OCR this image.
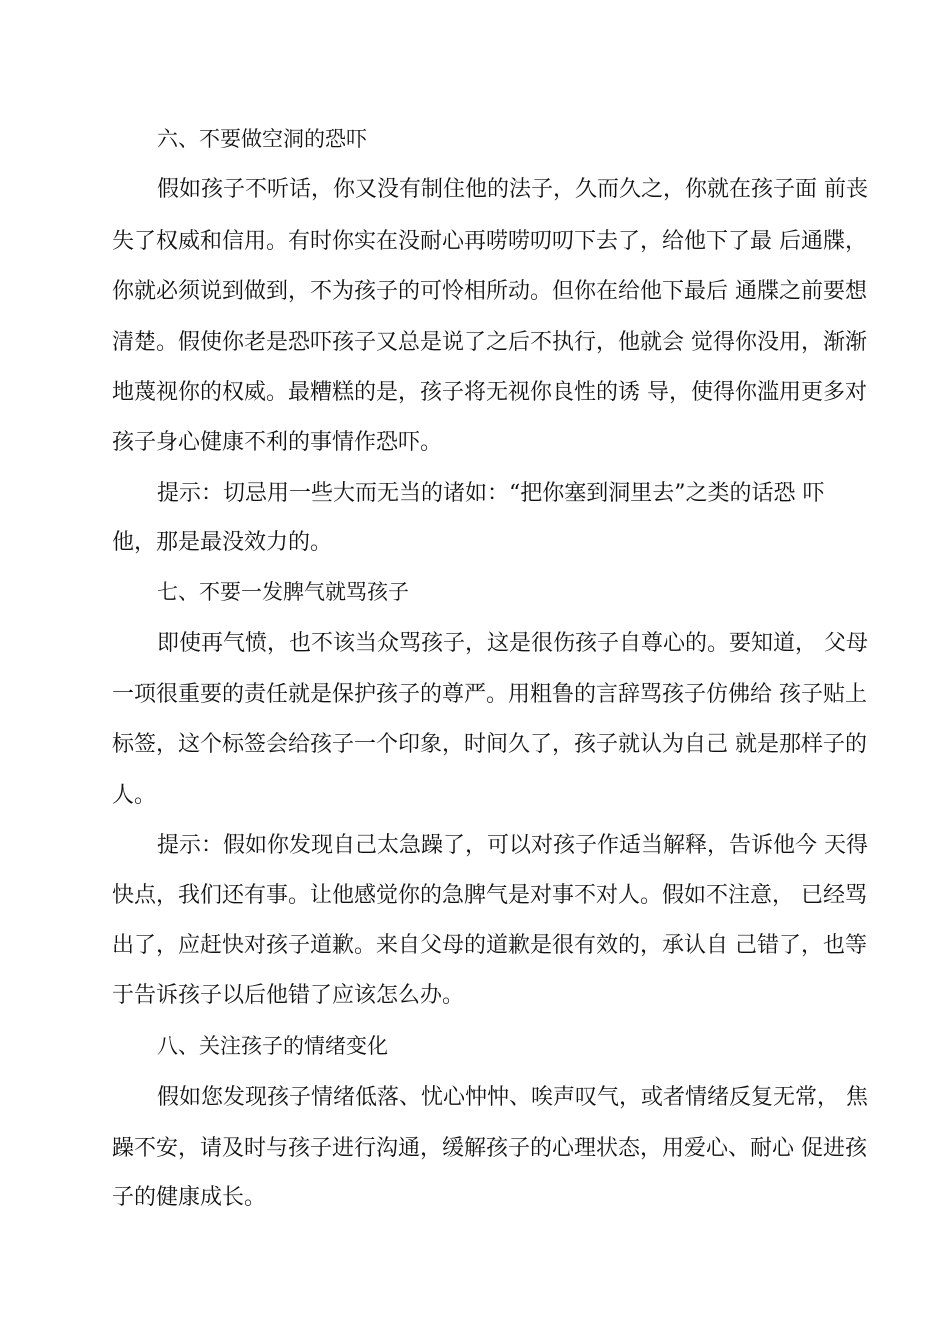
六、不要做空洞的恐吓
假如孩子不听话，你又没有制住他的法子，久而久之，你就在孩子面 前丧
失了权威和信用。有时你实在没耐心再唠唠叨叨下去了，给他下了最 后通牒，
你就必须说到做到，不为孩子的可怜相所动。但你在给他下最后 通牒之前要想
清楚。假使你老是恐吓孩子又总是说了之后不执行，他就会 觉得你没用，渐渐
地蔑视你的权威。最糟糕的是，孩子将无视你良性的诱 导，使得你滥用更多对
孩子身心健康不利的事情作恐吓。
提示：切忌用一些大而无当的诸如：“把你塞到洞里去”之类的话恐 吓
他，那是最没效力的。
七、不要一发脾气就骂孩子
即使再气愤，也不该当众骂孩子，这是很伤孩子自尊心的。要知道， 父母
一项很重要的责任就是保护孩子的尊严。用粗鲁的言辞骂孩子仿佛给 孩子贴上
标签，这个标签会给孩子一个印象，时间久了，孩子就认为自己 就是那样子的
人。
提示：假如你发现自己太急躁了，可以对孩子作适当解释，告诉他今 天得
快点，我们还有事。让他感觉你的急脾气是对事不对人。假如不注意， 已经骂
出了，应赶快对孩子道歉。来自父母的道歉是很有效的，承认自 己错了，也等
于告诉孩子以后他错了应该怎么办。
八、关注孩子的情绪变化
假如您发现孩子情绪低落、忧心忡忡、唉声叹气，或者情绪反复无常， 焦
躁不安，请及时与孩子进行沟通，缓解孩子的心理状态，用爱心、耐心 促进孩
子的健康成长。
